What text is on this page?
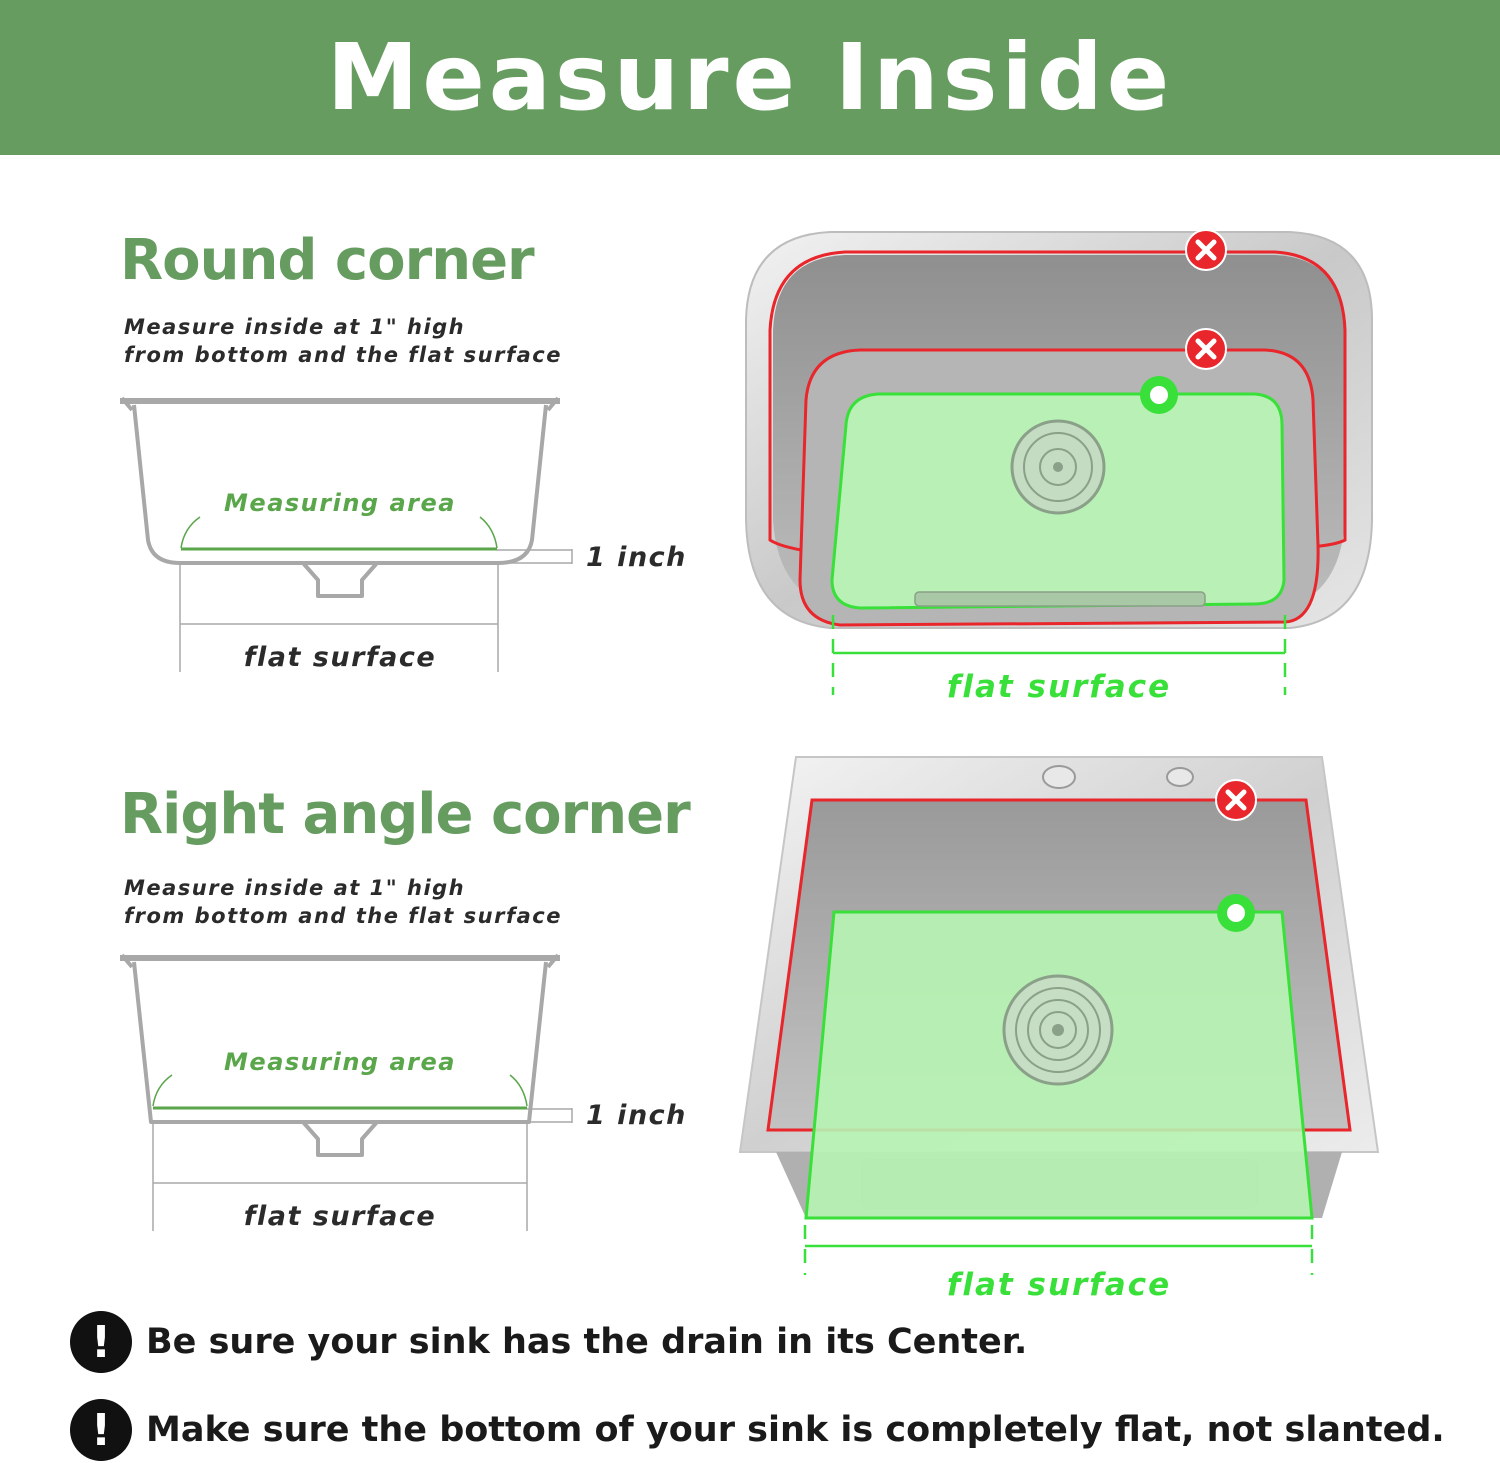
Measure Inside
Round corner
Measure inside at 1" high
from bottom and the flat surface
Measuring area
1 inch
flat surface
flat surface
Right angle corner
Measure inside at 1" high
from bottom and the flat surface
Measuring area
1 inch
flat surface
flat surface
! Be sure your sink has the drain in its Center.
! Make sure the bottom of your sink is completely flat, not slanted.
